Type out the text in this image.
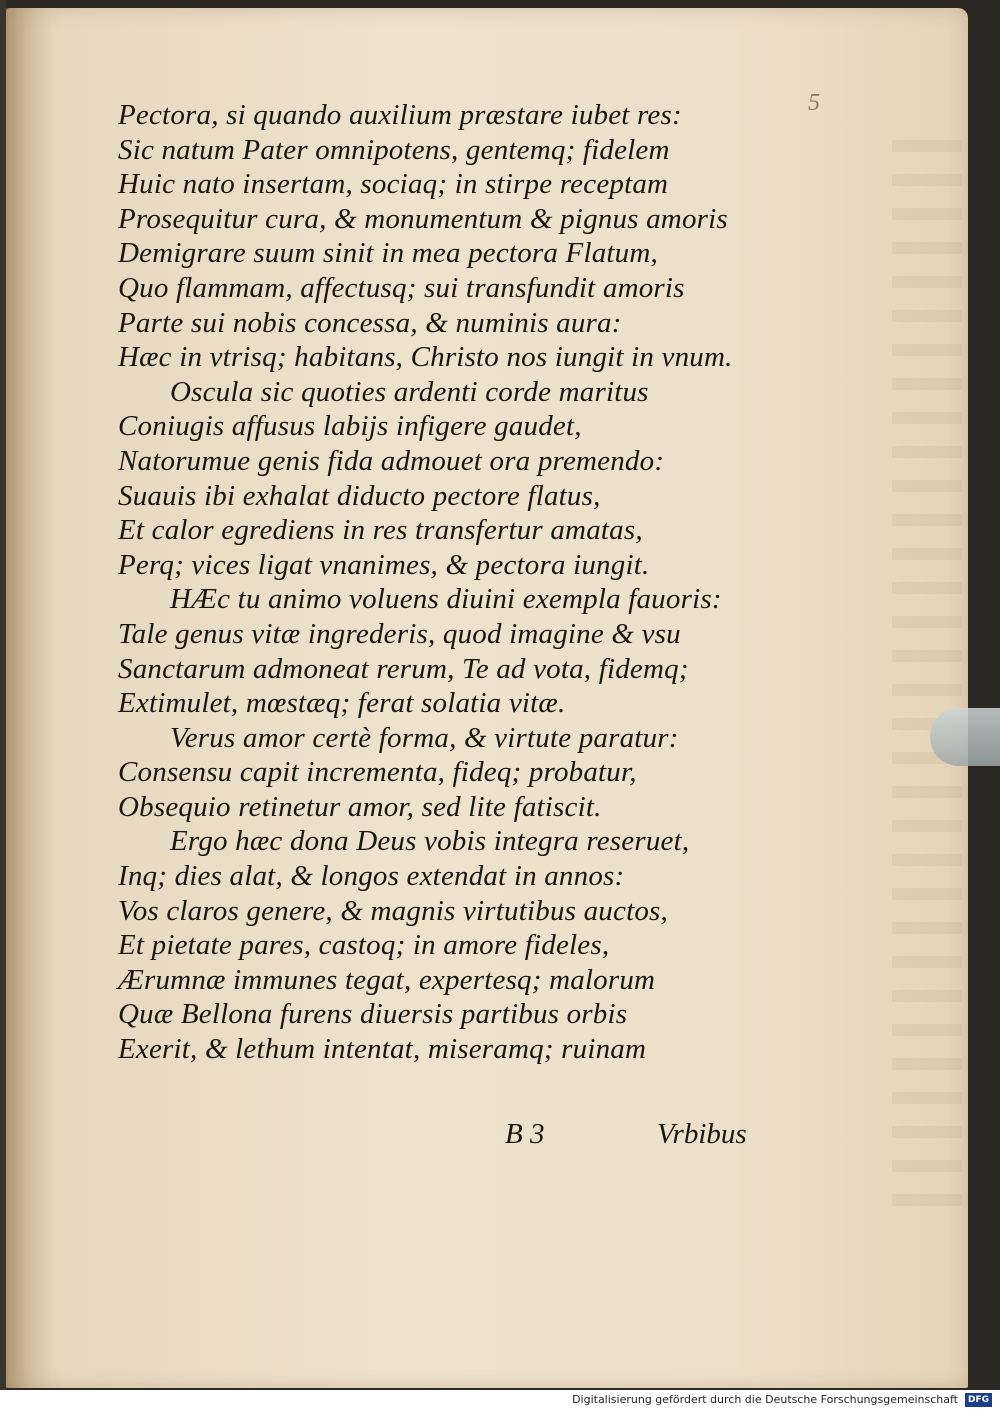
5
Pectora, si quando auxilium præstare iubet res:
Sic natum Pater omnipotens, gentemq; fidelem
Huic nato insertam, sociaq; in stirpe receptam
Prosequitur cura, & monumentum & pignus amoris
Demigrare suum sinit in mea pectora Flatum,
Quo flammam, affectusq; sui transfundit amoris
Parte sui nobis concessa, & numinis aura:
Hæc in vtrisq; habitans, Christo nos iungit in vnum.
Oscula sic quoties ardenti corde maritus
Coniugis affusus labijs infigere gaudet,
Natorumue genis fida admouet ora premendo:
Suauis ibi exhalat diducto pectore flatus,
Et calor egrediens in res transfertur amatas,
Perq; vices ligat vnanimes, & pectora iungit.
HÆc tu animo voluens diuini exempla fauoris:
Tale genus vitæ ingrederis, quod imagine & vsu
Sanctarum admoneat rerum, Te ad vota, fidemq;
Extimulet, mœstæq; ferat solatia vitæ.
Verus amor certè forma, & virtute paratur:
Consensu capit incrementa, fideq; probatur,
Obsequio retinetur amor, sed lite fatiscit.
Ergo hæc dona Deus vobis integra reseruet,
Inq; dies alat, & longos extendat in annos:
Vos claros genere, & magnis virtutibus auctos,
Et pietate pares, castoq; in amore fideles,
Ærumnæ immunes tegat, expertesq; malorum
Quæ Bellona furens diuersis partibus orbis
Exerit, & lethum intentat, miseramq; ruinam
B 3	Vrbibus
Digitalisierung gefördert durch die Deutsche Forschungsgemeinschaft	DFG
